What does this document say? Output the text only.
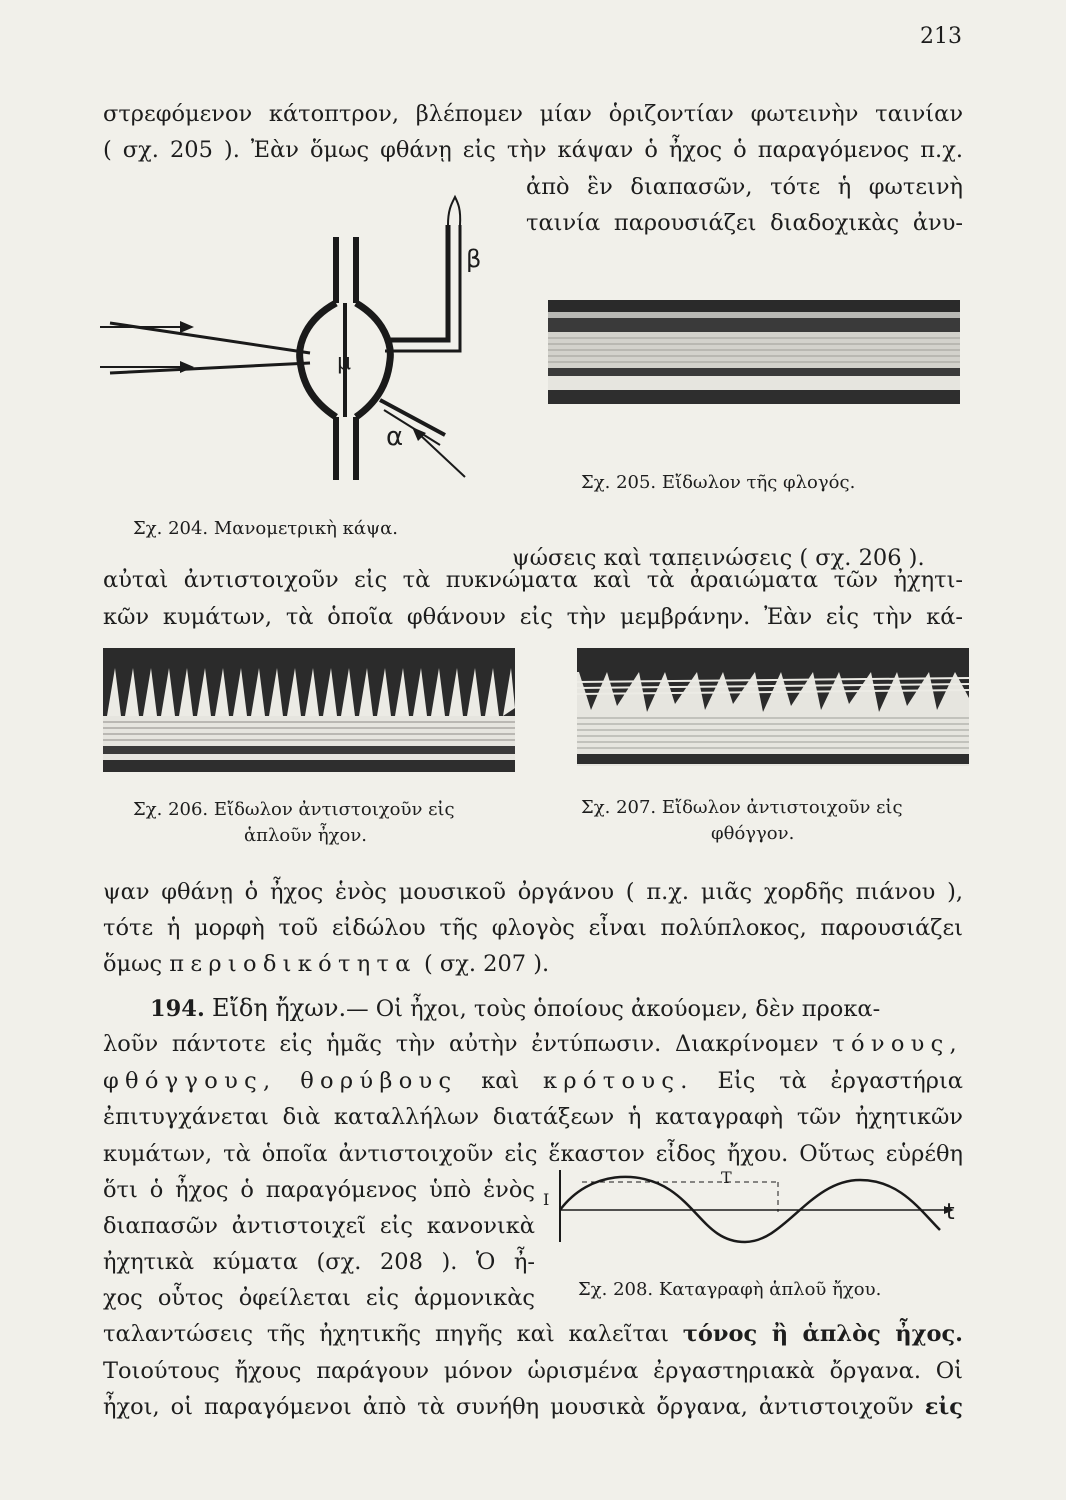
213
στρεφόμενον κάτοπτρον, βλέπομεν μίαν ὁριζοντίαν φωτεινὴν ταινίαν
( σχ. 205 ). Ἐὰν ὅμως φθάνῃ εἰς τὴν κάψαν ὁ ἦχος ὁ παραγόμενος π.χ.
ἀπὸ ἓν διαπασῶν, τότε ἡ φωτεινὴ
ταινία παρουσιάζει διαδοχικὰς ἀνυ-
β
μ
α
Σχ. 204. Μανομετρικὴ κάψα.
Σχ. 205. Εἴδωλον τῆς φλογός.
ψώσεις καὶ ταπεινώσεις ( σχ. 206 ).
αὐταὶ ἀντιστοιχοῦν εἰς τὰ πυκνώματα καὶ τὰ ἀραιώματα τῶν ἠχητι-
κῶν κυμάτων, τὰ ὁποῖα φθάνουν εἰς τὴν μεμβράνην. Ἐὰν εἰς τὴν κά-
Σχ. 206. Εἴδωλον ἀντιστοιχοῦν εἰς
ἁπλοῦν ἦχον.
Σχ. 207. Εἴδωλον ἀντιστοιχοῦν εἰς
φθόγγον.
ψαν φθάνῃ ὁ ἦχος ἑνὸς μουσικοῦ ὀργάνου ( π.χ. μιᾶς χορδῆς πιάνου ),
τότε ἡ μορφὴ τοῦ εἰδώλου τῆς φλογὸς εἶναι πολύπλοκος, παρουσιάζει
ὅμως περιοδικότητα ( σχ. 207 ).
194. Εἴδη ἤχων.— Οἱ ἦχοι, τοὺς ὁποίους ἀκούομεν, δὲν προκα-
λοῦν πάντοτε εἰς ἡμᾶς τὴν αὐτὴν ἐντύπωσιν. Διακρίνομεν τόνους,
φθόγγους, θορύβους καὶ κρότους. Εἰς τὰ ἐργαστήρια
ἐπιτυγχάνεται διὰ καταλλήλων διατάξεων ἡ καταγραφὴ τῶν ἠχητικῶν
κυμάτων, τὰ ὁποῖα ἀντιστοιχοῦν εἰς ἕκαστον εἶδος ἤχου. Οὕτως εὑρέθη
ὅτι ὁ ἦχος ὁ παραγόμενος ὑπὸ ἑνὸς
διαπασῶν ἀντιστοιχεῖ εἰς κανονικὰ
ἠχητικὰ κύματα (σχ. 208 ). Ὁ ἦ-
χος οὗτος ὀφείλεται εἰς ἁρμονικὰς
I
T
t
Σχ. 208. Καταγραφὴ ἁπλοῦ ἤχου.
ταλαντώσεις τῆς ἠχητικῆς πηγῆς καὶ καλεῖται τόνος ἢ ἁπλὸς ἦχος.
Τοιούτους ἤχους παράγουν μόνον ὡρισμένα ἐργαστηριακὰ ὄργανα. Οἱ
ἦχοι, οἱ παραγόμενοι ἀπὸ τὰ συνήθη μουσικὰ ὄργανα, ἀντιστοιχοῦν εἰς
